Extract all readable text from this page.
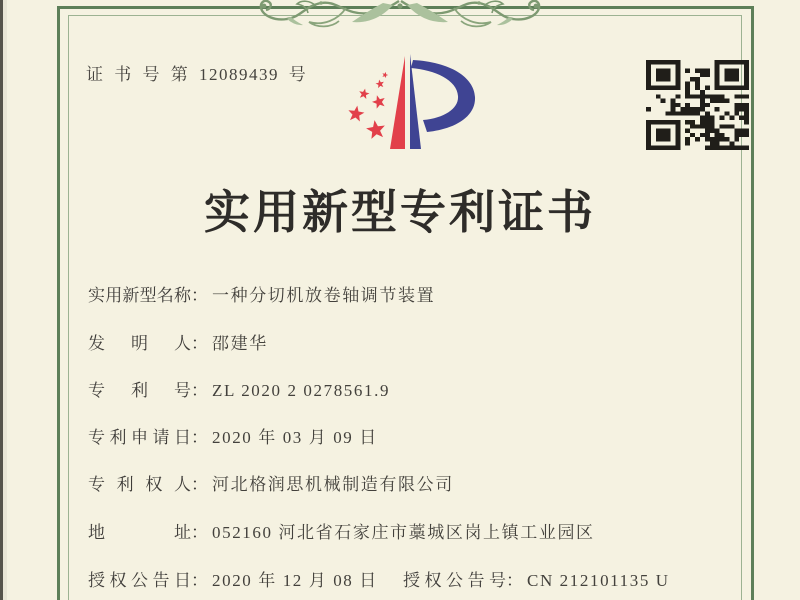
证 书 号 第 12089439 号
实用新型专利证书
实用新型名称： 一种分切机放卷轴调节装置
发明人： 邵建华
专利号： ZL 2020 2 0278561.9
专利申请日： 2020 年 03 月 09 日
专利权人： 河北格润思机械制造有限公司
地址： 052160 河北省石家庄市藁城区岗上镇工业园区
授权公告日： 2020 年 12 月 08 日 授权公告号： CN 212101135 U
